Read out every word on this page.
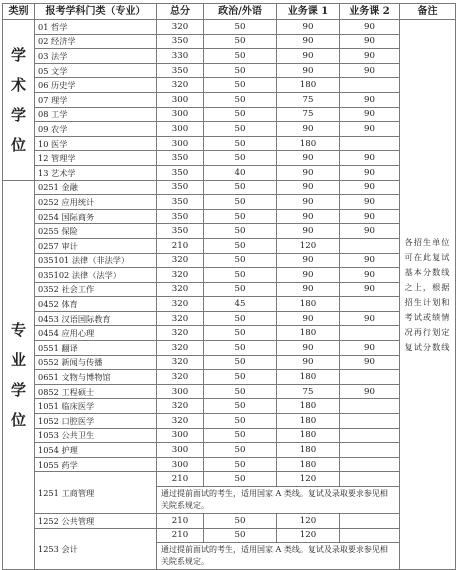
类别	报考学科门类（专业）	总分	政治/外语	业务课 1	业务课 2	备注

学
术
学
位	01 哲学	320	50	90	90	各招生单位可在此复试基本分数线之上，根据招生计划和考试或绩情况再行划定复试分数线
	02 经济学	350	50	90	90	
	03 法学	330	50	90	90	
	05 文学	350	50	90	90	
	06 历史学	320	50	180		
	07 理学	300	50	75	90	
	08 工学	300	50	75	90	
	09 农学	300	50	90	90	
	10 医学	300	50	180		
	12 管理学	350	50	90	90	
	13 艺术学	350	40	90	90	

专
业
学
位	0251 金融	350	50	90	90	
	0252 应用统计	350	50	90	90	
	0254 国际商务	350	50	90	90	
	0255 保险	350	50	90	90	
	0257 审计	210	50	120		
	035101 法律（非法学）	320	50	90	90	
	035102 法律（法学）	320	50	90	90	
	0352 社会工作	320	50	90	90	
	0452 体育	320	45	180		
	0453 汉语国际教育	320	50	90	90	
	0454 应用心理	320	50	180		
	0551 翻译	320	50	90	90	
	0552 新闻与传播	320	50	90	90	
	0651 文物与博物馆	320	50	180		
	0852 工程硕士	300	50	75	90	
	1051 临床医学	320	50	180		
	1052 口腔医学	320	50	180		
	1053 公共卫生	300	50	180		
	1054 护理	300	50	180		
	1055 药学	300	50	180		
	1251 工商管理	210	50	120		
		通过提前面试的考生，适用国家 A 类线。复试及录取要求参见相关院系规定。				
	1252 公共管理	210	50	120		
	1253 会计	210	50	120		
		通过提前面试的考生，适用国家 A 类线。复试及录取要求参见相关院系规定。				
